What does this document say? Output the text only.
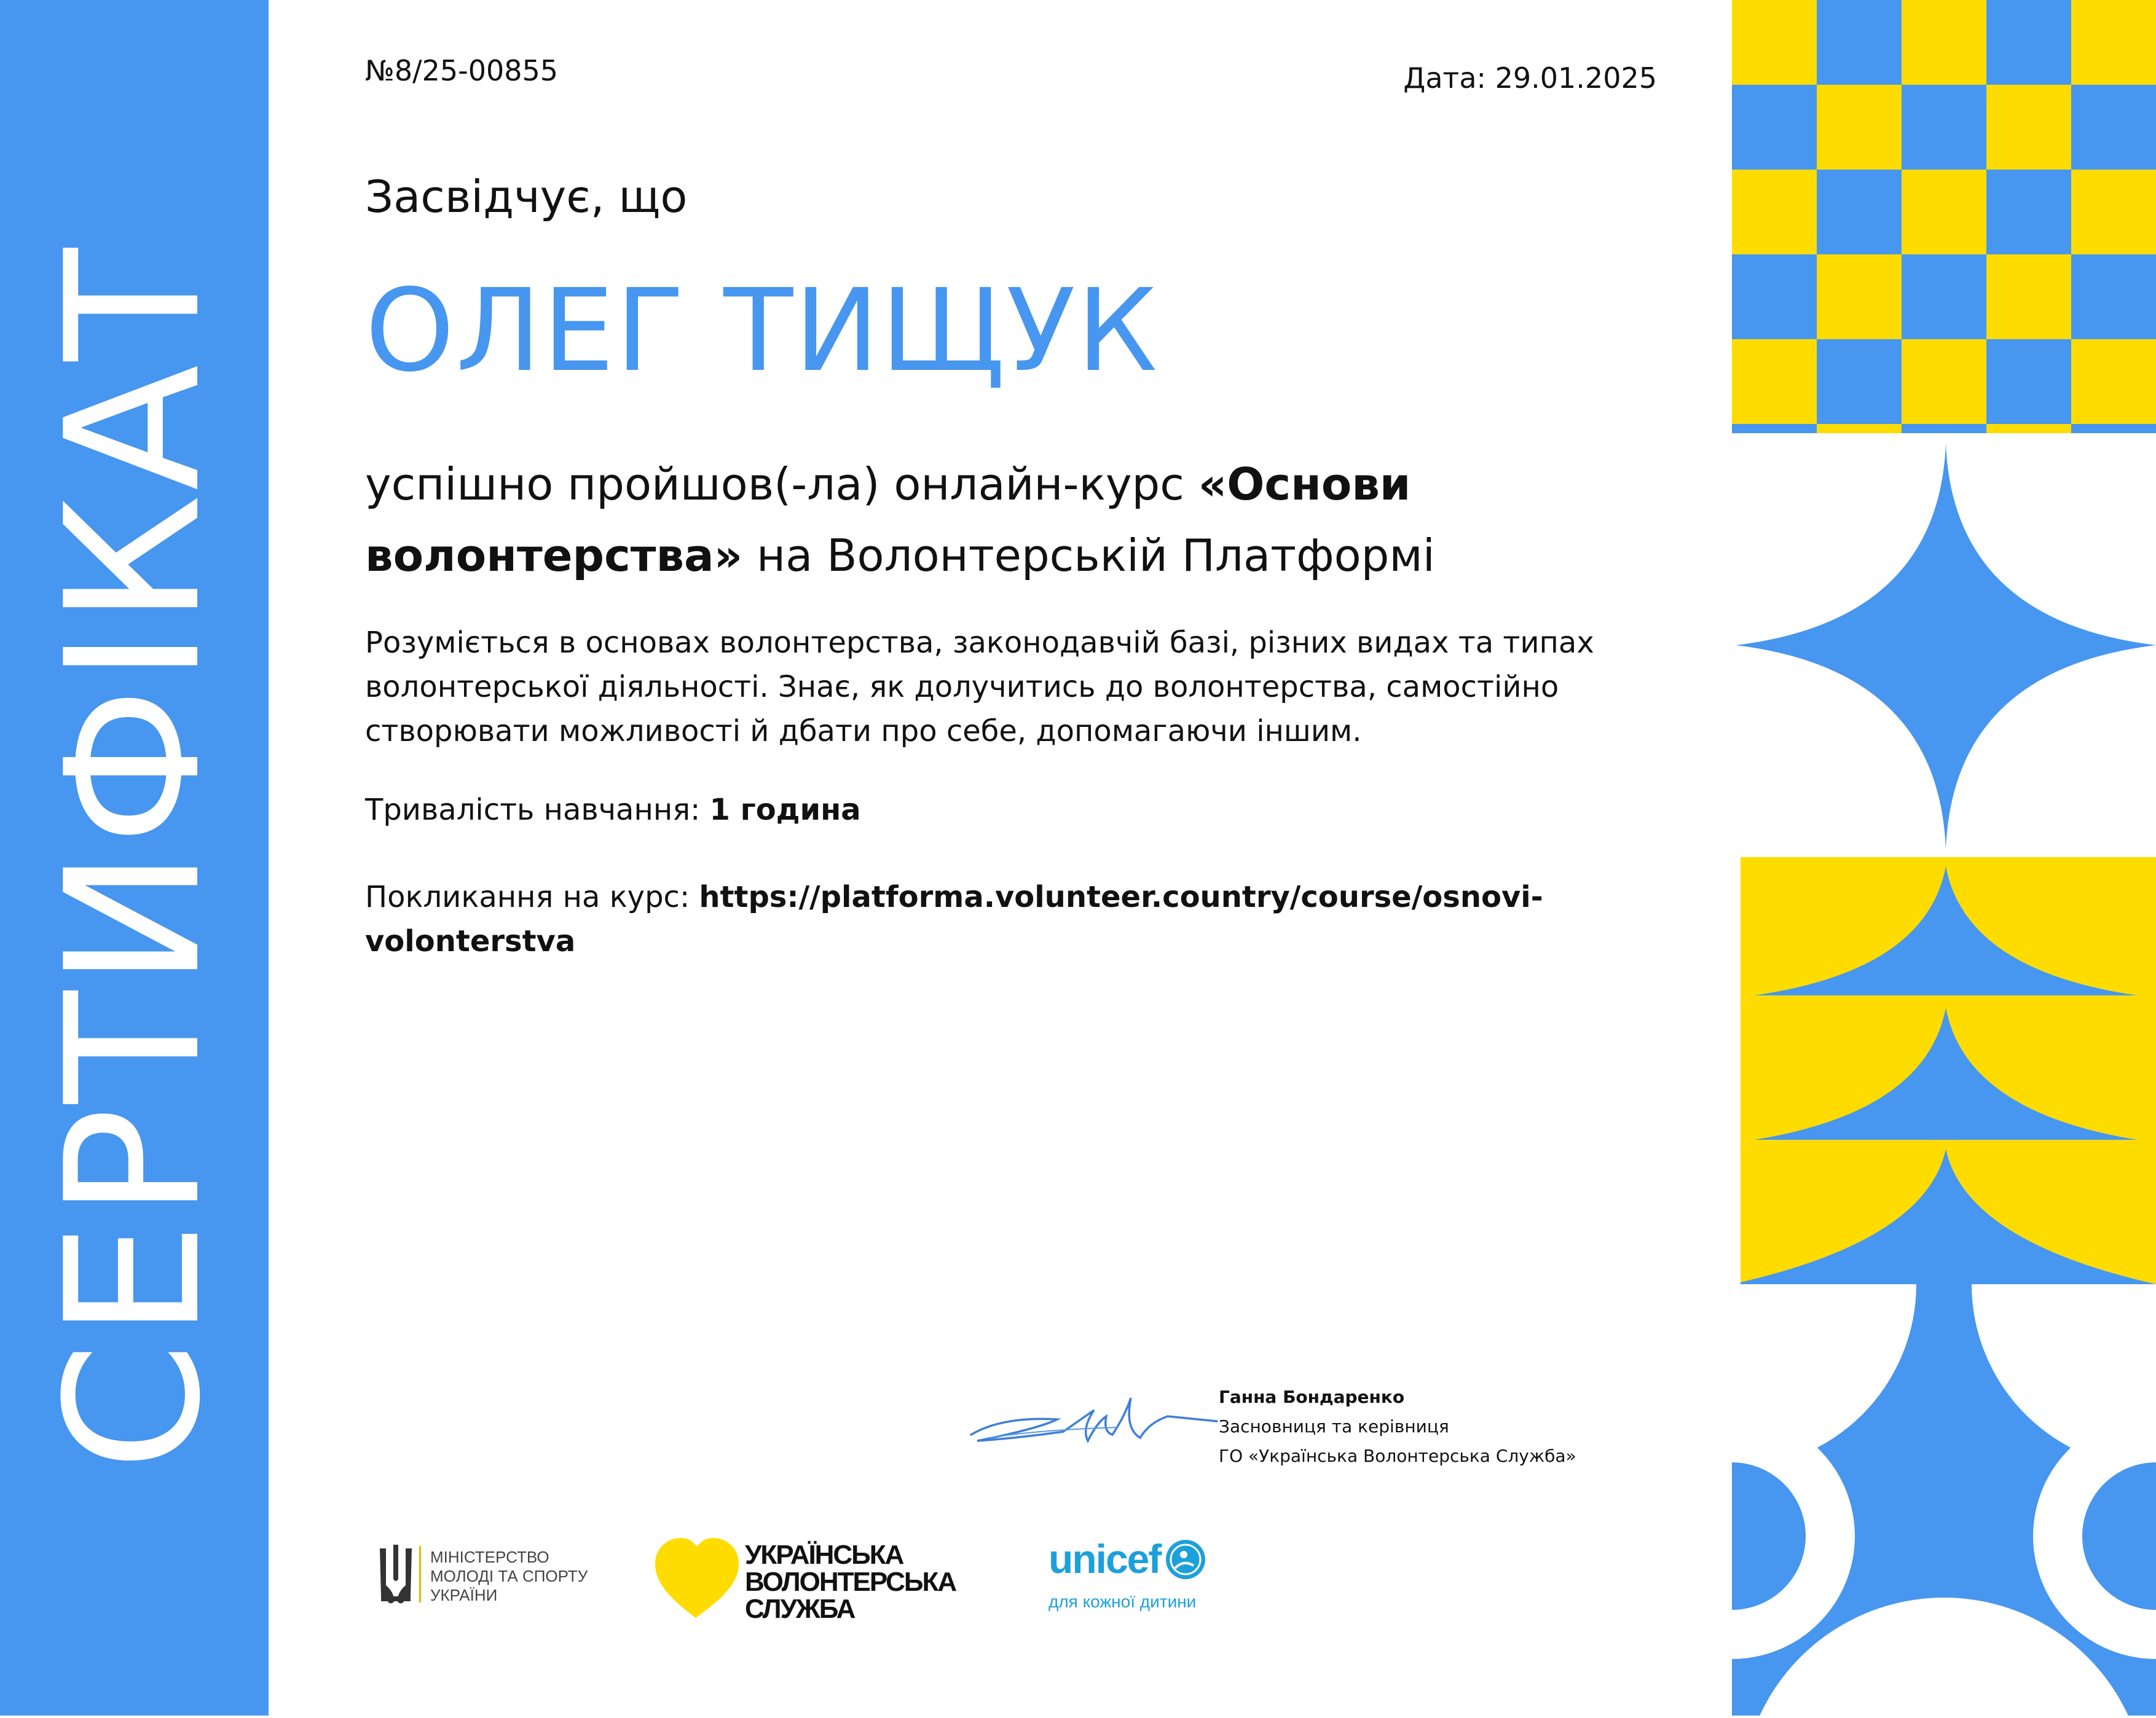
СЕРТИФІКАТ
№8/25-00855	Дата: 29.01.2025
Засвідчує, що
ОЛЕГ ТИЩУК
успішно пройшов(-ла) онлайн-курс «Основи волонтерства» на Волонтерській Платформі
Розуміється в основах волонтерства, законодавчій базі, різних видах та типах волонтерської діяльності. Знає, як долучитись до волонтерства, самостійно створювати можливості й дбати про себе, допомагаючи іншим.
Тривалість навчання: 1 година
Покликання на курс: https://platforma.volunteer.country/course/osnovi-volonterstva
Ганна Бондаренко
Засновниця та керівниця
ГО «Українська Волонтерська Служба»
МІНІСТЕРСТВО
МОЛОДІ ТА СПОРТУ
УКРАЇНИ
УКРАЇНСЬКА
ВОЛОНТЕРСЬКА
СЛУЖБА
unicef
для кожної дитини
